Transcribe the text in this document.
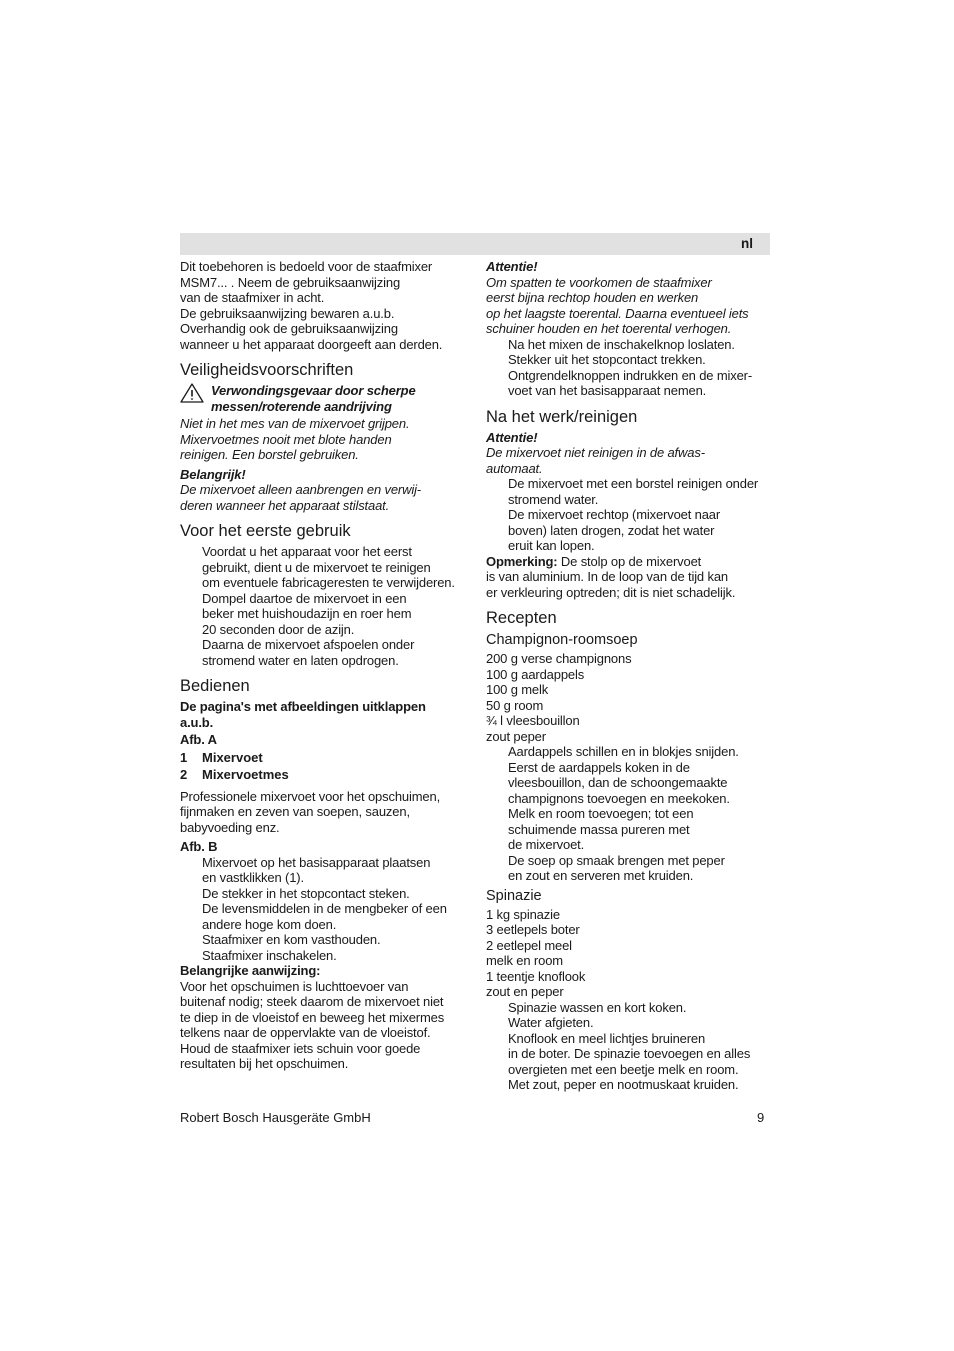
nl

Dit toebehoren is bedoeld voor de staafmixer
MSM7... . Neem de gebruiksaanwijzing
van de staafmixer in acht.
De gebruiksaanwijzing bewaren a.u.b.
Overhandig ook de gebruiksaanwijzing
wanneer u het apparaat doorgeeft aan derden.

Veiligheidsvoorschriften

Verwondingsgevaar door scherpe
messen/roterende aandrijving

Niet in het mes van de mixervoet grijpen.
Mixervoetmes nooit met blote handen
reinigen. Een borstel gebruiken.

Belangrijk!

De mixervoet alleen aanbrengen en verwij-
deren wanneer het apparaat stilstaat.

Voor het eerste gebruik

Voordat u het apparaat voor het eerst
gebruikt, dient u de mixervoet te reinigen
om eventuele fabricageresten te verwijderen.
Dompel daartoe de mixervoet in een
beker met huishoudazijn en roer hem
20 seconden door de azijn.
Daarna de mixervoet afspoelen onder
stromend water en laten opdrogen.

Bedienen

De pagina's met afbeeldingen uitklappen
a.u.b.

Afb. A

1	Mixervoet
2	Mixervoetmes

Professionele mixervoet voor het opschuimen,
fijnmaken en zeven van soepen, sauzen,
babyvoeding enz.

Afb. B

Mixervoet op het basisapparaat plaatsen
en vastklikken (1).
De stekker in het stopcontact steken.
De levensmiddelen in de mengbeker of een
andere hoge kom doen.
Staafmixer en kom vasthouden.
Staafmixer inschakelen.

Belangrijke aanwijzing:

Voor het opschuimen is luchttoevoer van
buitenaf nodig; steek daarom de mixervoet niet
te diep in de vloeistof en beweeg het mixermes
telkens naar de oppervlakte van de vloeistof.
Houd de staafmixer iets schuin voor goede
resultaten bij het opschuimen.

Attentie!

Om spatten te voorkomen de staafmixer
eerst bijna rechtop houden en werken
op het laagste toerental. Daarna eventueel iets
schuiner houden en het toerental verhogen.

Na het mixen de inschakelknop loslaten.
Stekker uit het stopcontact trekken.
Ontgrendelknoppen indrukken en de mixer-
voet van het basisapparaat nemen.

Na het werk/reinigen

Attentie!

De mixervoet niet reinigen in de afwas-
automaat.

De mixervoet met een borstel reinigen onder
stromend water.
De mixervoet rechtop (mixervoet naar
boven) laten drogen, zodat het water
eruit kan lopen.

Opmerking: De stolp op de mixervoet
is van aluminium. In de loop van de tijd kan
er verkleuring optreden; dit is niet schadelijk.

Recepten
Champignon-roomsoep

200 g verse champignons
100 g aardappels
100 g melk
50 g room
¾ l vleesbouillon
zout peper

Aardappels schillen en in blokjes snijden.
Eerst de aardappels koken in de
vleesbouillon, dan de schoongemaakte
champignons toevoegen en meekoken.
Melk en room toevoegen; tot een
schuimende massa pureren met
de mixervoet.
De soep op smaak brengen met peper
en zout en serveren met kruiden.

Spinazie

1 kg spinazie
3 eetlepels boter
2 eetlepel meel
melk en room
1 teentje knoflook
zout en peper

Spinazie wassen en kort koken.
Water afgieten.
Knoflook en meel lichtjes bruineren
in de boter. De spinazie toevoegen en alles
overgieten met een beetje melk en room.
Met zout, peper en nootmuskaat kruiden.

Robert Bosch Hausgeräte GmbH	9
